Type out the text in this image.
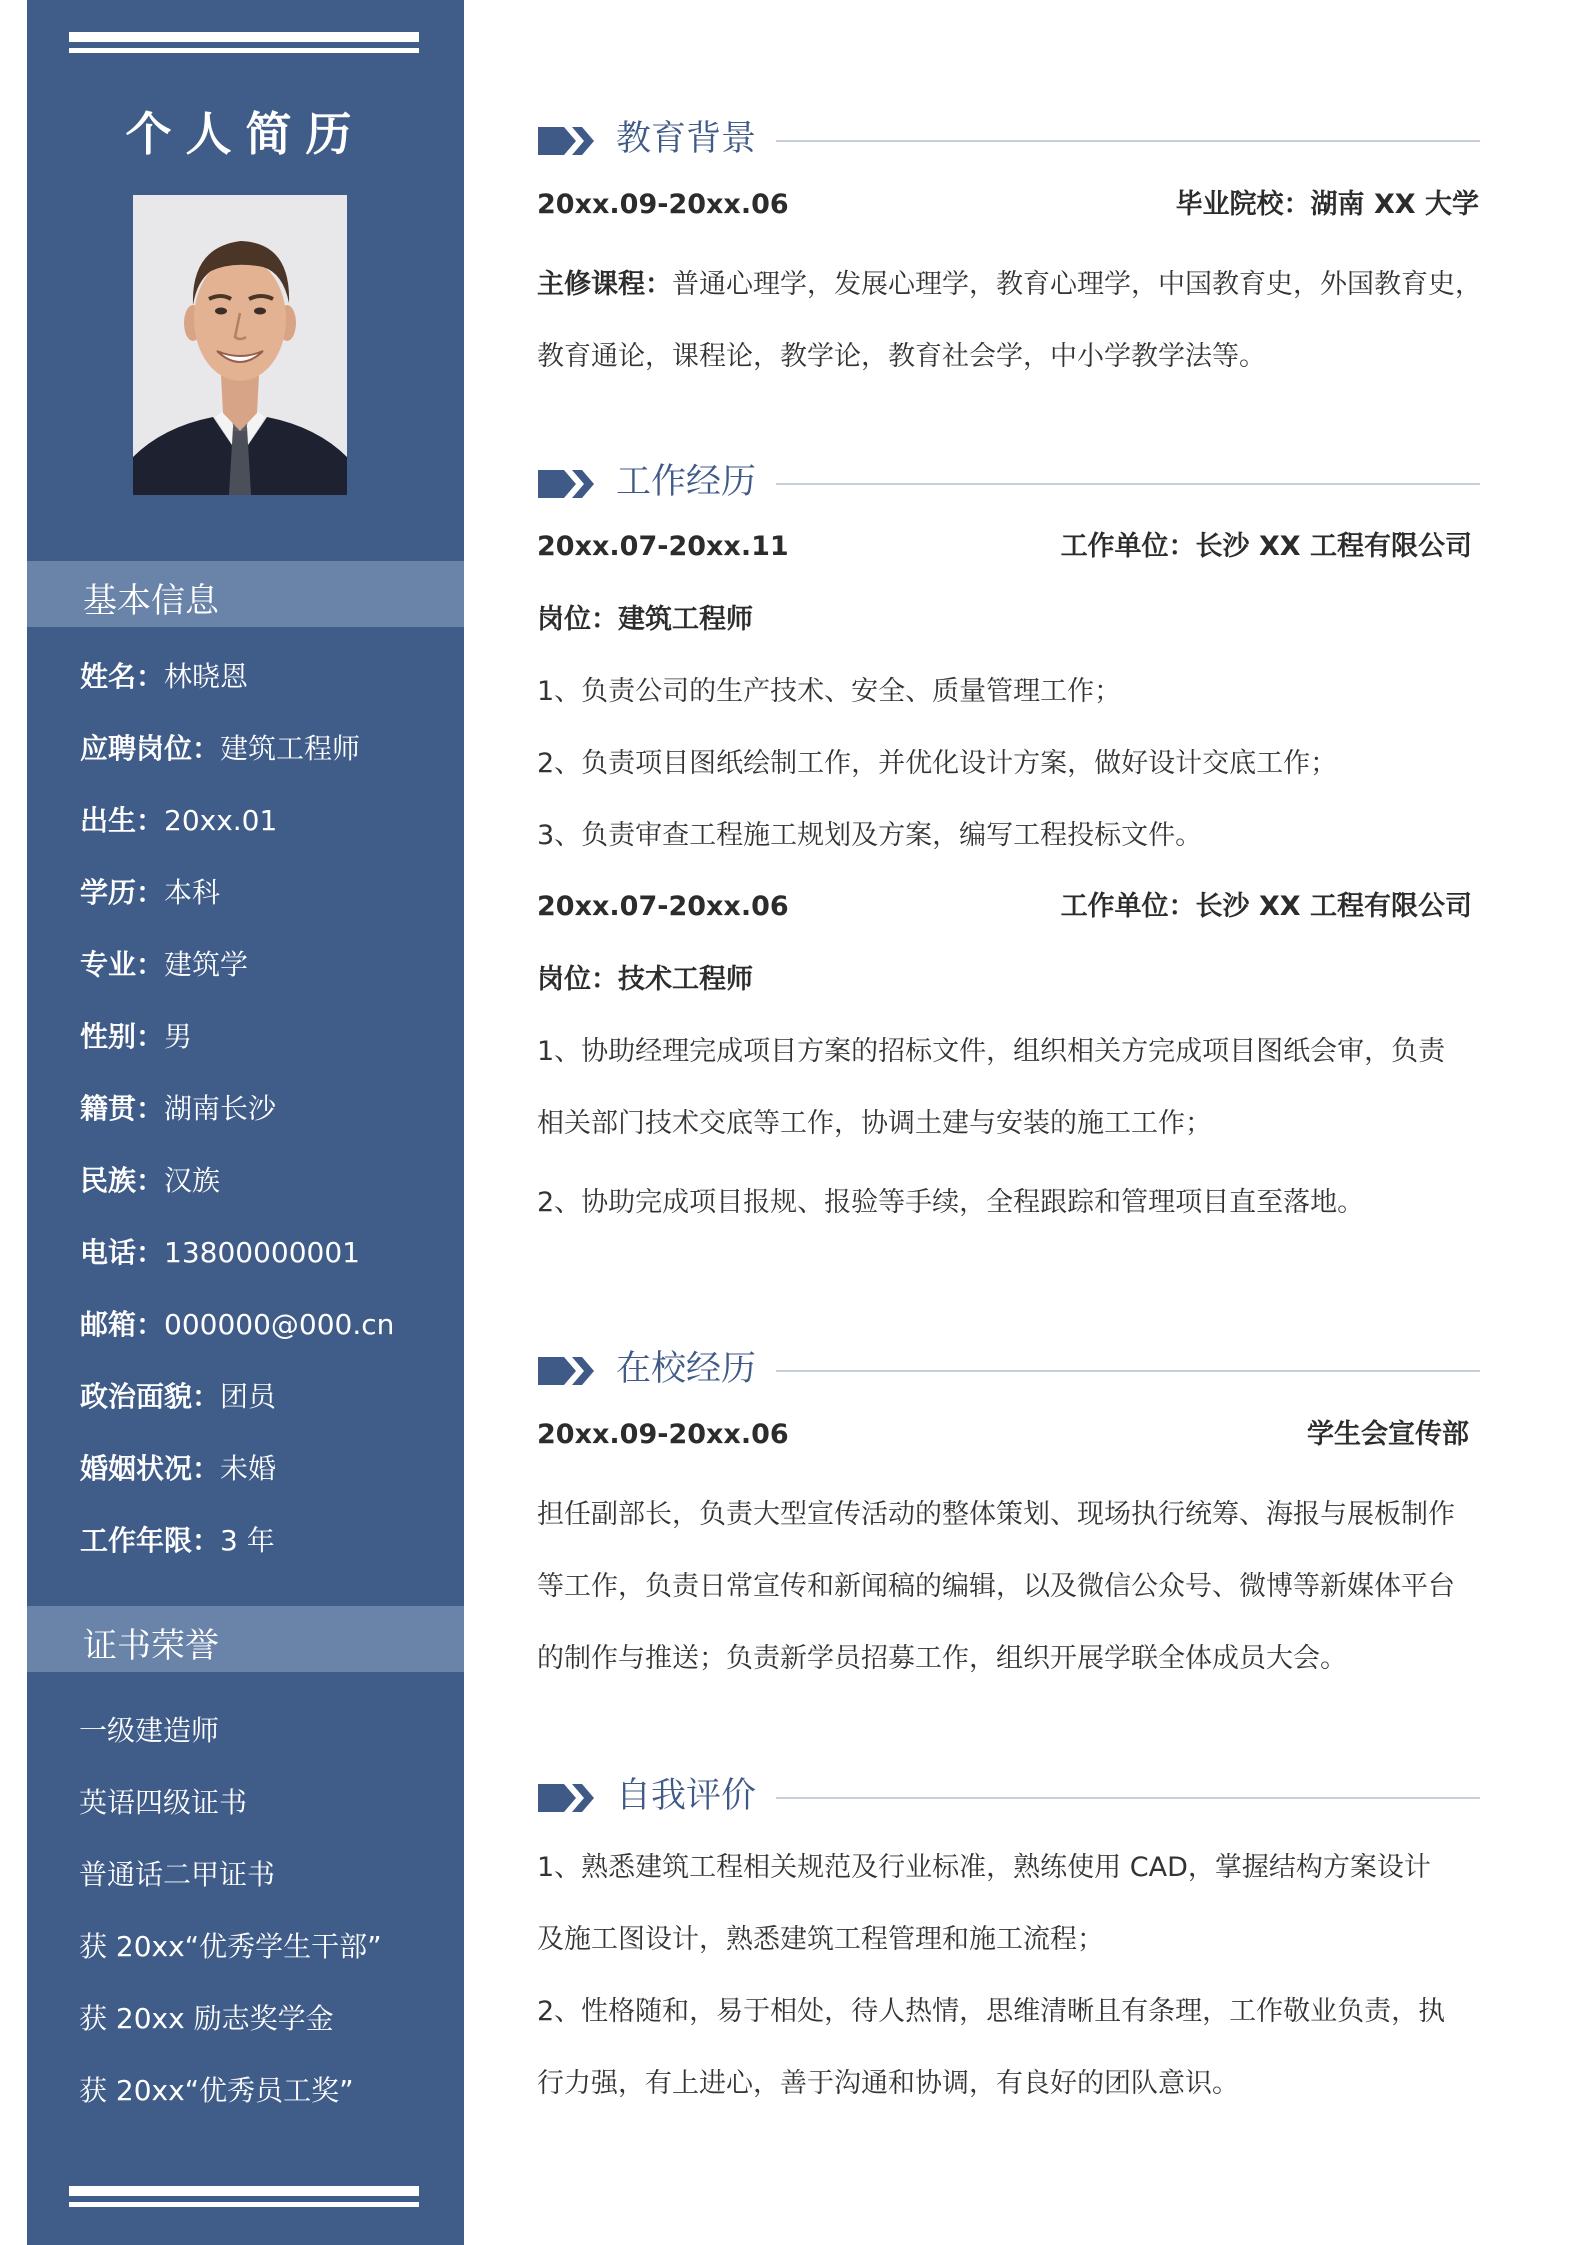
个人简历
基本信息
姓名：林晓恩
应聘岗位：建筑工程师
出生：20xx.01
学历：本科
专业：建筑学
性别：男
籍贯：湖南长沙
民族：汉族
电话：13800000001
邮箱：000000@000.cn
政治面貌：团员
婚姻状况：未婚
工作年限：3 年
证书荣誉
一级建造师
英语四级证书
普通话二甲证书
获 20xx“优秀学生干部”
获 20xx 励志奖学金
获 20xx“优秀员工奖”
教育背景
20xx.09-20xx.06	毕业院校：湖南 XX 大学
主修课程：普通心理学，发展心理学，教育心理学，中国教育史，外国教育史，
教育通论，课程论，教学论，教育社会学，中小学教学法等。
工作经历
20xx.07-20xx.11	工作单位：长沙 XX 工程有限公司
岗位：建筑工程师
1、负责公司的生产技术、安全、质量管理工作；
2、负责项目图纸绘制工作，并优化设计方案，做好设计交底工作；
3、负责审查工程施工规划及方案，编写工程投标文件。
20xx.07-20xx.06	工作单位：长沙 XX 工程有限公司
岗位：技术工程师
1、协助经理完成项目方案的招标文件，组织相关方完成项目图纸会审，负责
相关部门技术交底等工作，协调土建与安装的施工工作；
2、协助完成项目报规、报验等手续，全程跟踪和管理项目直至落地。
在校经历
20xx.09-20xx.06	学生会宣传部
担任副部长，负责大型宣传活动的整体策划、现场执行统筹、海报与展板制作
等工作，负责日常宣传和新闻稿的编辑，以及微信公众号、微博等新媒体平台
的制作与推送；负责新学员招募工作，组织开展学联全体成员大会。
自我评价
1、熟悉建筑工程相关规范及行业标准，熟练使用 CAD，掌握结构方案设计
及施工图设计，熟悉建筑工程管理和施工流程；
2、性格随和，易于相处，待人热情，思维清晰且有条理，工作敬业负责，执
行力强，有上进心，善于沟通和协调，有良好的团队意识。
